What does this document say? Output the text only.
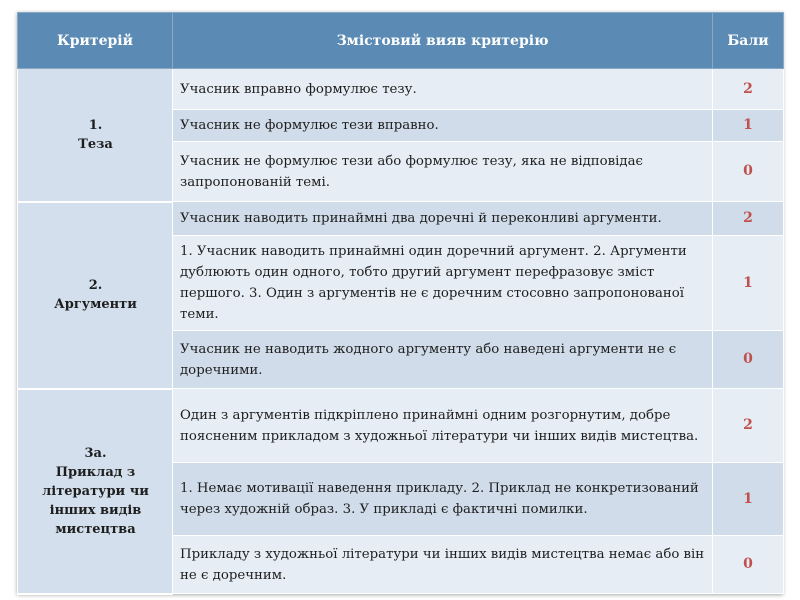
Критерій	Змістовий вияв критерію	Бали

1.
Теза	Учасник вправно формулює тезу.	2
	Учасник не формулює тези вправно.	1
	Учасник не формулює тези або формулює тезу, яка не відповідає запропонованій темі.	0

2.
Аргументи	Учасник наводить принаймні два доречні й переконливі аргументи.	2
	1. Учасник наводить принаймні один доречний аргумент. 2. Аргументи дублюють один одного, тобто другий аргумент перефразовує зміст першого. 3. Один з аргументів не є доречним стосовно запропонованої теми.	1
	Учасник не наводить жодного аргументу або наведені аргументи не є доречними.	0

3а.
Приклад з літератури чи інших видів мистецтва	Один з аргументів підкріплено принаймні одним розгорнутим, добре поясненим прикладом з художньої літератури чи інших видів мистецтва.	2
	1. Немає мотивації наведення прикладу. 2. Приклад не конкретизований через художній образ. 3. У прикладі є фактичні помилки.	1
	Прикладу з художньої літератури чи інших видів мистецтва немає або він не є доречним.	0
